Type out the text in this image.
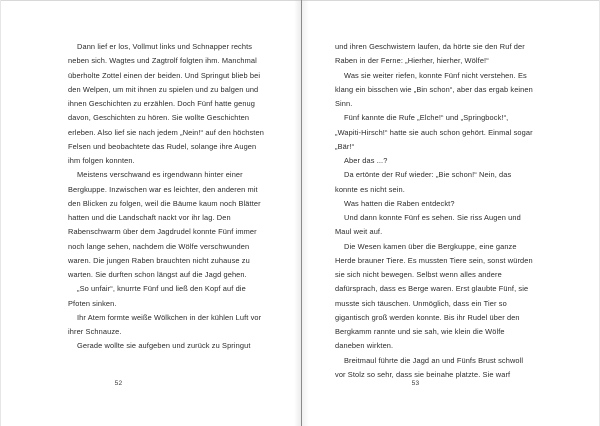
Dann lief er los, Vollmut links und Schnapper rechts neben sich. Wagtes und Zagtrolf folgten ihm. Manchmal überholte Zottel einen der beiden. Und Springut blieb bei den Welpen, um mit ihnen zu spielen und zu balgen und ihnen Geschichten zu erzählen. Doch Fünf hatte genug davon, Geschichten zu hören. Sie wollte Geschichten erleben. Also lief sie nach jedem „Nein!“ auf den höchsten Felsen und beobachtete das Rudel, solange ihre Augen ihm folgen konnten.

Meistens verschwand es irgendwann hinter einer Bergkuppe. Inzwischen war es leichter, den anderen mit den Blicken zu folgen, weil die Bäume kaum noch Blätter hatten und die Landschaft nackt vor ihr lag. Den Rabenschwarm über dem Jagdrudel konnte Fünf immer noch lange sehen, nachdem die Wölfe verschwunden waren. Die jungen Raben brauchten nicht zuhause zu warten. Sie durften schon längst auf die Jagd gehen.

„So unfair“, knurrte Fünf und ließ den Kopf auf die Pfoten sinken.

Ihr Atem formte weiße Wölkchen in der kühlen Luft vor ihrer Schnauze.

Gerade wollte sie aufgeben und zurück zu Springut

52

und ihren Geschwistern laufen, da hörte sie den Ruf der Raben in der Ferne: „Hierher, hierher, Wölfe!“

Was sie weiter riefen, konnte Fünf nicht verstehen. Es klang ein bisschen wie „Bin schon“, aber das ergab keinen Sinn.

Fünf kannte die Rufe „Elche!“ und „Springbock!“, „Wapiti-Hirsch!“ hatte sie auch schon gehört. Einmal sogar „Bär!“

Aber das ...?

Da ertönte der Ruf wieder: „Bie schon!“ Nein, das konnte es nicht sein.

Was hatten die Raben entdeckt?

Und dann konnte Fünf es sehen. Sie riss Augen und Maul weit auf.

Die Wesen kamen über die Bergkuppe, eine ganze Herde brauner Tiere. Es mussten Tiere sein, sonst würden sie sich nicht bewegen. Selbst wenn alles andere dafürsprach, dass es Berge waren. Erst glaubte Fünf, sie musste sich täuschen. Unmöglich, dass ein Tier so gigantisch groß werden konnte. Bis ihr Rudel über den Bergkamm rannte und sie sah, wie klein die Wölfe daneben wirkten.

Breitmaul führte die Jagd an und Fünfs Brust schwoll vor Stolz so sehr, dass sie beinahe platzte. Sie warf

53
